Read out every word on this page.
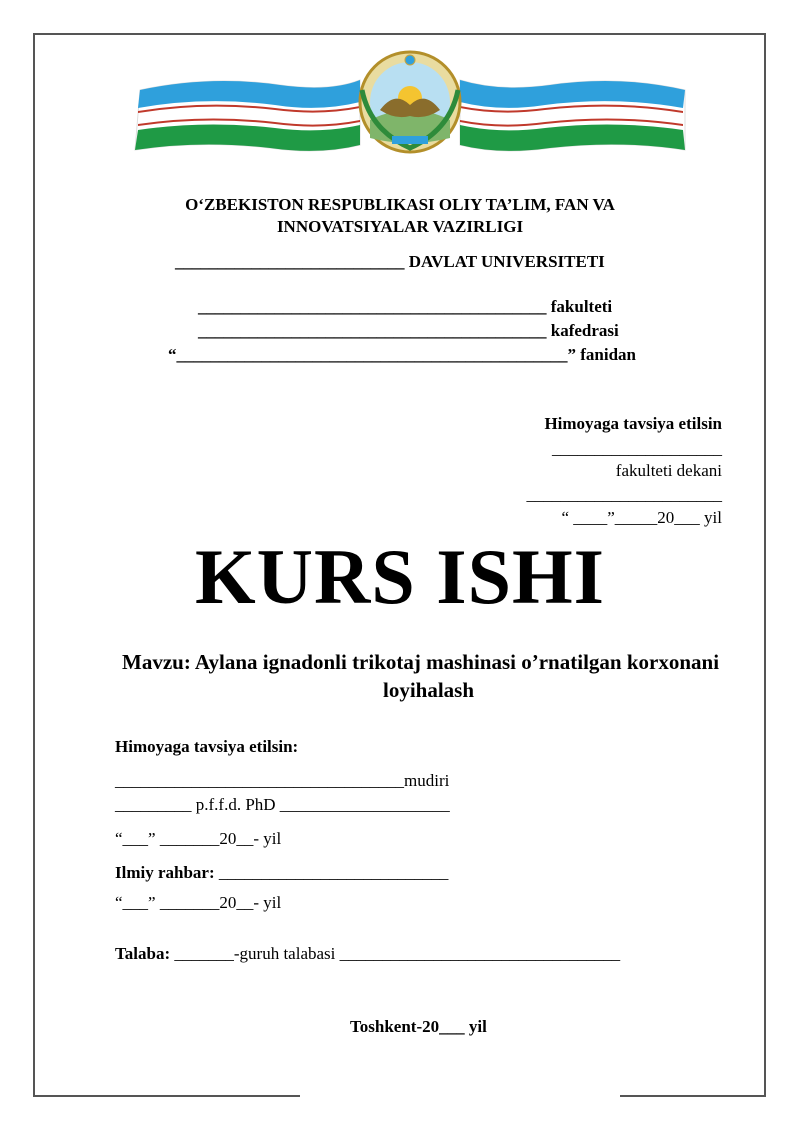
O‘ZBEKISTON RESPUBLIKASI OLIY TA’LIM, FAN VA
INNOVATSIYALAR VAZIRLIGI
___________________________ DAVLAT UNIVERSITETI
_________________________________________ fakulteti
_________________________________________ kafedrasi
“______________________________________________” fanidan
Himoyaga tavsiya etilsin
____________________
fakulteti dekani
_______________________
“ ____”_____20___ yil
KURS ISHI
Mavzu: Aylana ignadonli trikotaj mashinasi o’rnatilgan korxonani
loyihalash
Himoyaga tavsiya etilsin:
__________________________________mudiri
_________ p.f.f.d. PhD ____________________
“___” _______20__- yil
Ilmiy rahbar: ___________________________
“___” _______20__- yil
Talaba: _______-guruh talabasi _________________________________
Toshkent-20___ yil
